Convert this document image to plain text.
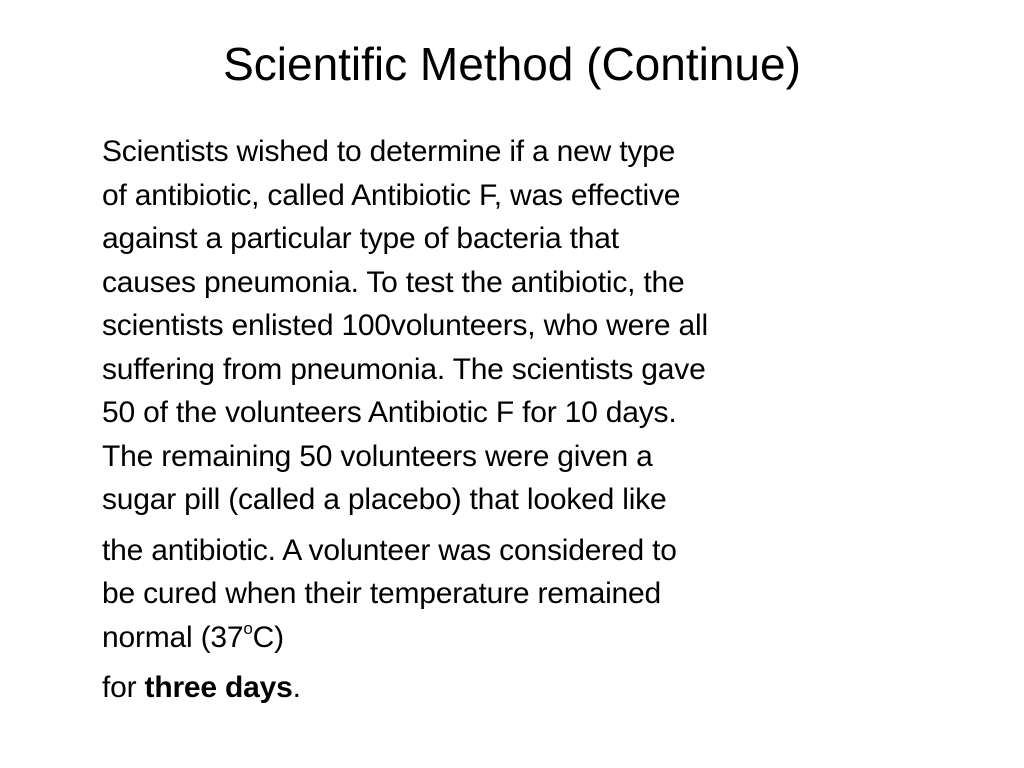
Scientific Method (Continue)
Scientists wished to determine if a new type
of antibiotic, called Antibiotic F, was effective
against a particular type of bacteria that
causes pneumonia. To test the antibiotic, the
scientists enlisted 100volunteers, who were all
suffering from pneumonia. The scientists gave
50 of the volunteers Antibiotic F for 10 days.
The remaining 50 volunteers were given a
sugar pill (called a placebo) that looked like
the antibiotic. A volunteer was considered to
be cured when their temperature remained
normal (37$^o$C)
for three days.
